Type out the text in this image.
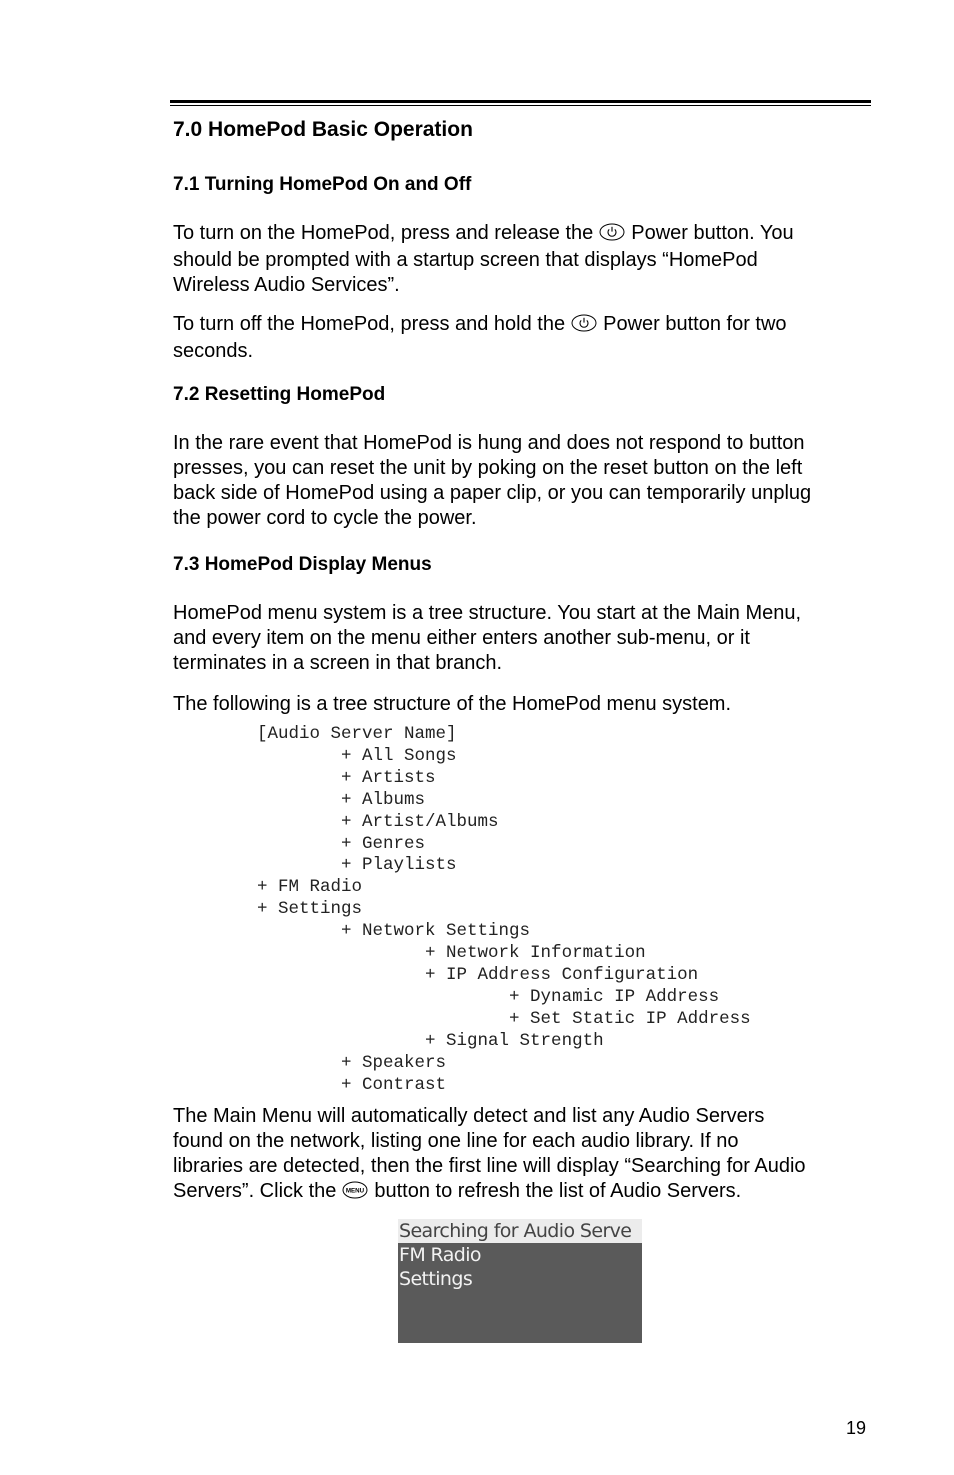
7.0 HomePod Basic Operation
7.1 Turning HomePod On and Off

To turn on the HomePod, press and release the Power button. You
should be prompted with a startup screen that displays “HomePod
Wireless Audio Services”.

To turn off the HomePod, press and hold the Power button for two
seconds.

7.2 Resetting HomePod

In the rare event that HomePod is hung and does not respond to button
presses, you can reset the unit by poking on the reset button on the left
back side of HomePod using a paper clip, or you can temporarily unplug
the power cord to cycle the power.

7.3 HomePod Display Menus

HomePod menu system is a tree structure. You start at the Main Menu,
and every item on the menu either enters another sub-menu, or it
terminates in a screen in that branch.

The following is a tree structure of the HomePod menu system.

[Audio Server Name]
+ All Songs
+ Artists
+ Albums
+ Artist/Albums
+ Genres
+ Playlists
+ FM Radio
+ Settings
+ Network Settings
+ Network Information
+ IP Address Configuration
+ Dynamic IP Address
+ Set Static IP Address
+ Signal Strength
+ Speakers
+ Contrast

The Main Menu will automatically detect and list any Audio Servers
found on the network, listing one line for each audio library. If no
libraries are detected, then the first line will display “Searching for Audio
Servers”. Click the MENU button to refresh the list of Audio Servers.

Searching for Audio Serve
FM Radio
Settings
19
